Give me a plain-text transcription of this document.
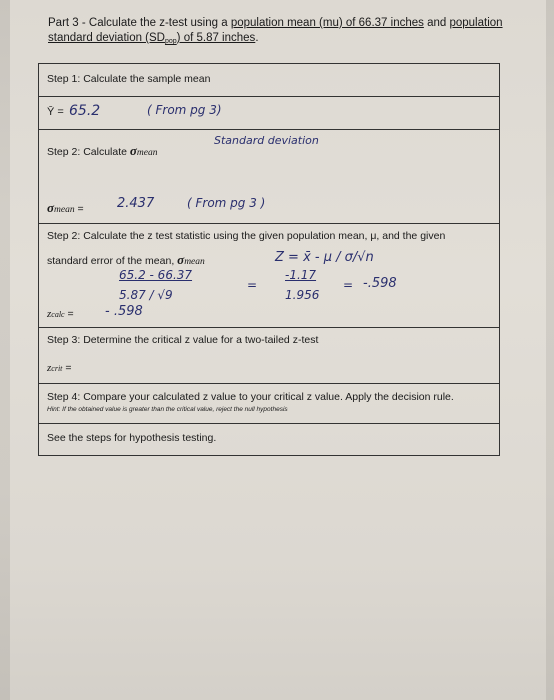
Part 3 - Calculate the z-test using a population mean (mu) of 66.37 inches and population
standard deviation $(SD_{pop})$ of 5.87 inches.
Step 1: Calculate the sample mean
Ȳ = 65.2	( From pg 3)
Step 2: Calculate σmean
Standard deviation
σmean =	2.437	( From pg 3 )
Step 2: Calculate the z test statistic using the given population mean, μ, and the given
standard error of the mean, σmean	Z = x̄ - μ / σ/√n
65.2 - 66.37
5.87 / √9
=
-1.17
1.956
= -.598
zcalc = - .598
Step 3: Determine the critical z value for a two-tailed z-test
zcrit =
Step 4: Compare your calculated z value to your critical z value. Apply the decision rule.
Hint: If the obtained value is greater than the critical value, reject the null hypothesis
See the steps for hypothesis testing.
